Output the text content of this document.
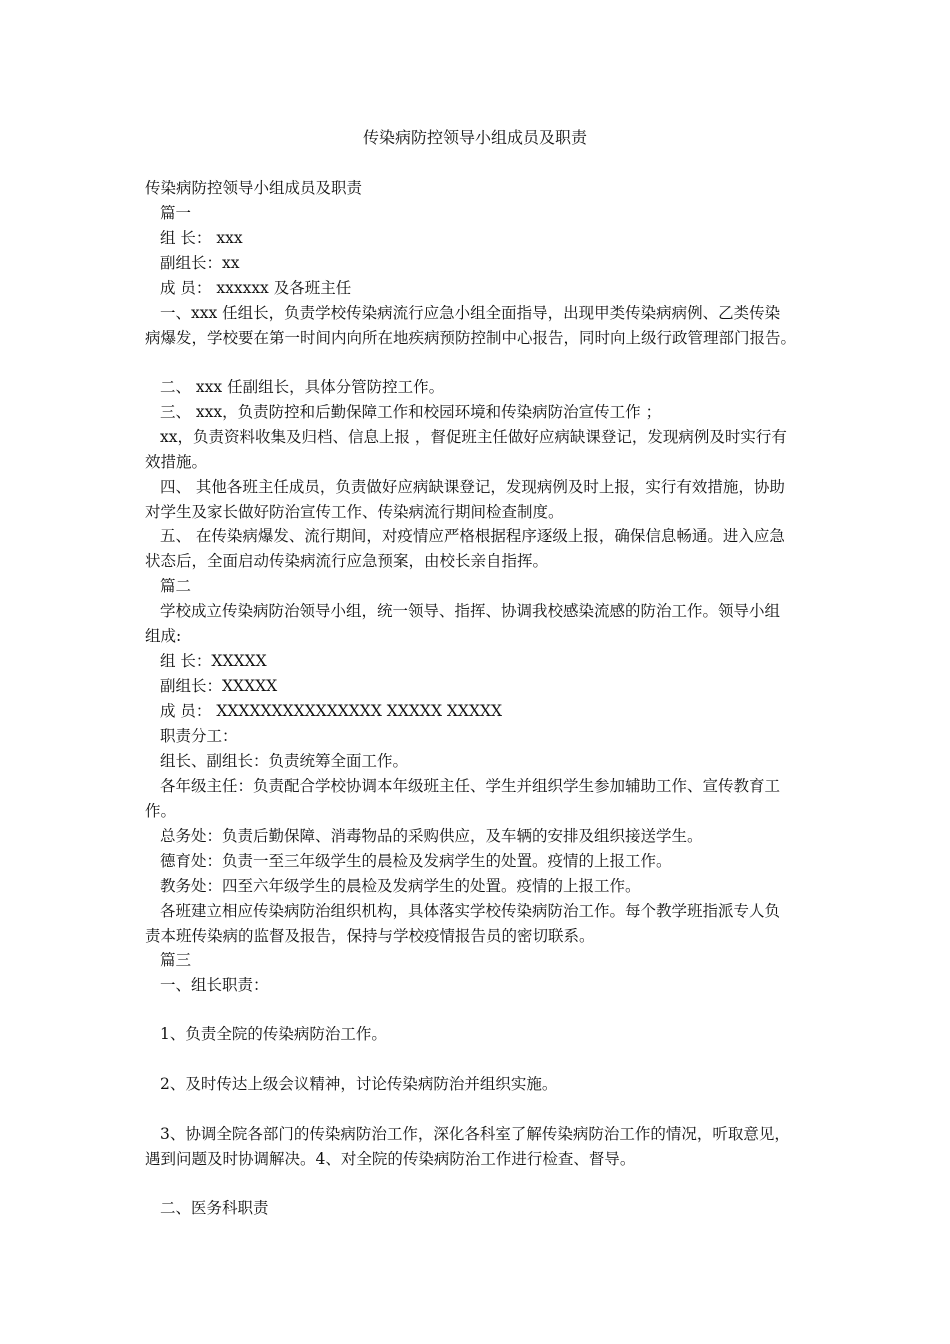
传染病防控领导小组成员及职责
传染病防控领导小组成员及职责
篇一
组 长： xxx
副组长：xx
成 员： xxxxxx 及各班主任
一、xxx 任组长，负责学校传染病流行应急小组全面指导，出现甲类传染病病例、乙类传染
病爆发，学校要在第一时间内向所在地疾病预防控制中心报告，同时向上级行政管理部门报告。
二、 xxx 任副组长，具体分管防控工作。
三、 xxx，负责防控和后勤保障工作和校园环境和传染病防治宣传工作 ；
xx，负责资料收集及归档、信息上报 ，督促班主任做好应病缺课登记，发现病例及时实行有
效措施。
四、 其他各班主任成员，负责做好应病缺课登记，发现病例及时上报，实行有效措施，协助
对学生及家长做好防治宣传工作、传染病流行期间检查制度。
五、 在传染病爆发、流行期间，对疫情应严格根据程序逐级上报，确保信息畅通。进入应急
状态后，全面启动传染病流行应急预案，由校长亲自指挥。
篇二
学校成立传染病防治领导小组，统一领导、指挥、协调我校感染流感的防治工作。领导小组
组成:
组 长：XXXXX
副组长：XXXXX
成 员： XXXXXXXXXXXXXXX XXXXX XXXXX
职责分工：
组长、副组长：负责统筹全面工作。
各年级主任：负责配合学校协调本年级班主任、学生并组织学生参加辅助工作、宣传教育工
作。
总务处：负责后勤保障、消毒物品的采购供应，及车辆的安排及组织接送学生。
德育处：负责一至三年级学生的晨检及发病学生的处置。疫情的上报工作。
教务处：四至六年级学生的晨检及发病学生的处置。疫情的上报工作。
各班建立相应传染病防治组织机构，具体落实学校传染病防治工作。每个教学班指派专人负
责本班传染病的监督及报告，保持与学校疫情报告员的密切联系。
篇三
一、组长职责：
1、负责全院的传染病防治工作。
2、及时传达上级会议精神，讨论传染病防治并组织实施。
3、协调全院各部门的传染病防治工作，深化各科室了解传染病防治工作的情况，听取意见，
遇到问题及时协调解决。4、对全院的传染病防治工作进行检查、督导。
二、医务科职责
